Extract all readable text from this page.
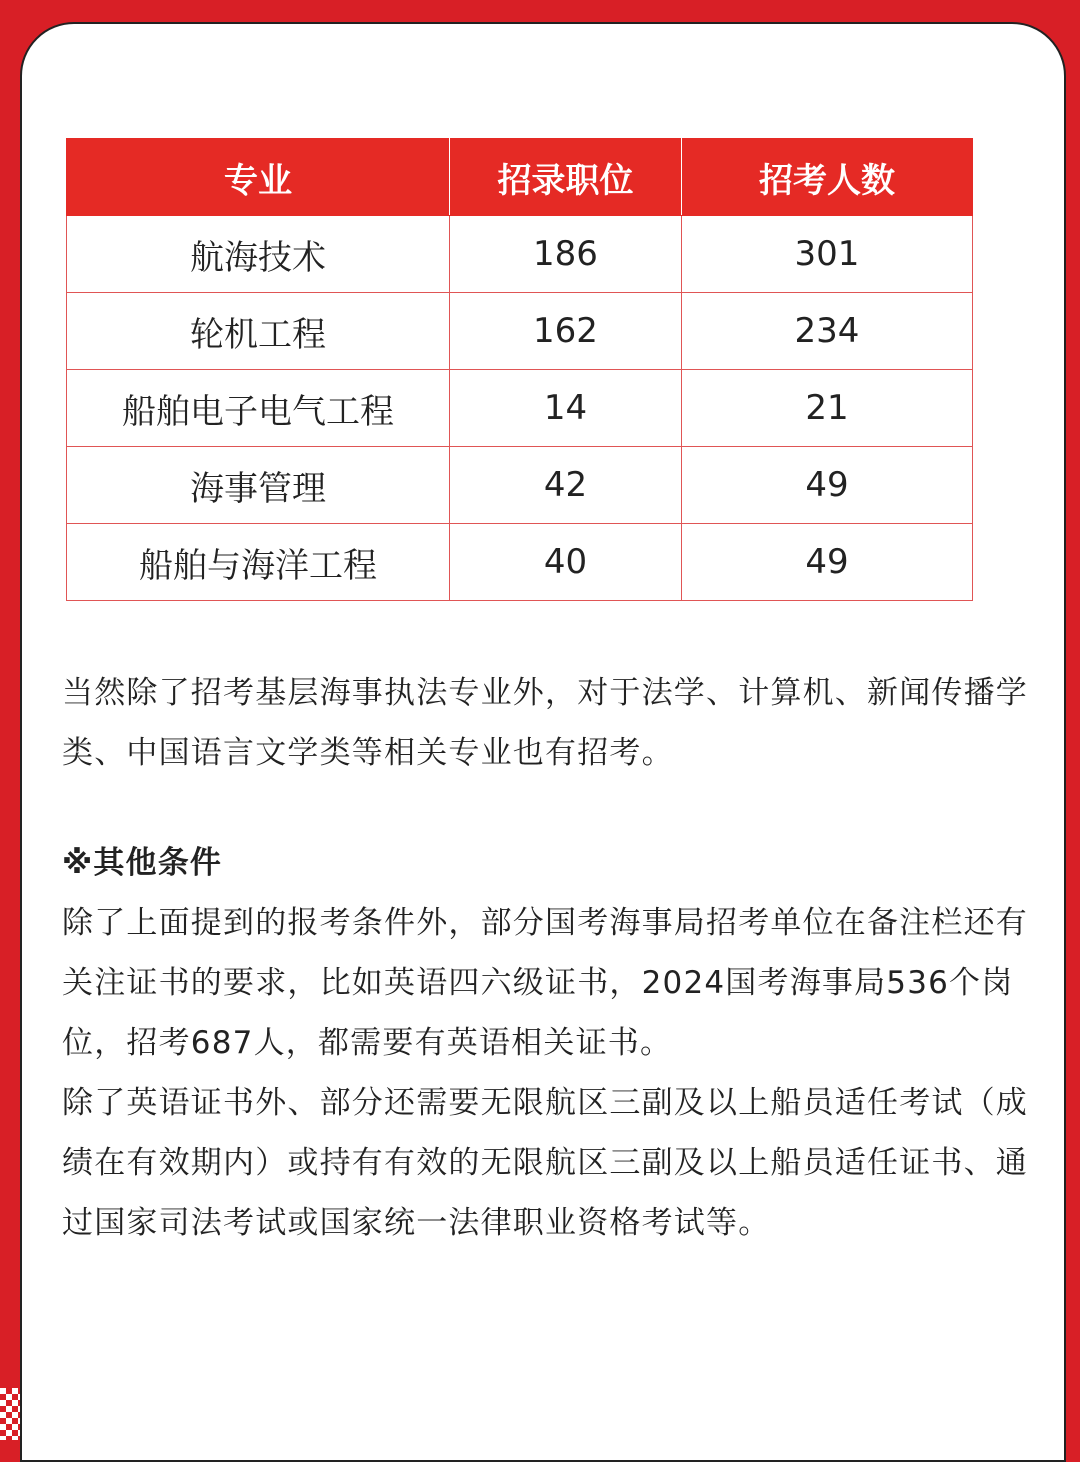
专业	招录职位	招考人数
航海技术	186	301
轮机工程	162	234
船舶电子电气工程	14	21
海事管理	42	49
船舶与海洋工程	40	49

当然除了招考基层海事执法专业外，对于法学、计算机、新闻传播学类、中国语言文学类等相关专业也有招考。

※其他条件

除了上面提到的报考条件外，部分国考海事局招考单位在备注栏还有关注证书的要求，比如英语四六级证书，2024国考海事局536个岗位，招考687人，都需要有英语相关证书。
除了英语证书外、部分还需要无限航区三副及以上船员适任考试（成绩在有效期内）或持有有效的无限航区三副及以上船员适任证书、通过国家司法考试或国家统一法律职业资格考试等。
